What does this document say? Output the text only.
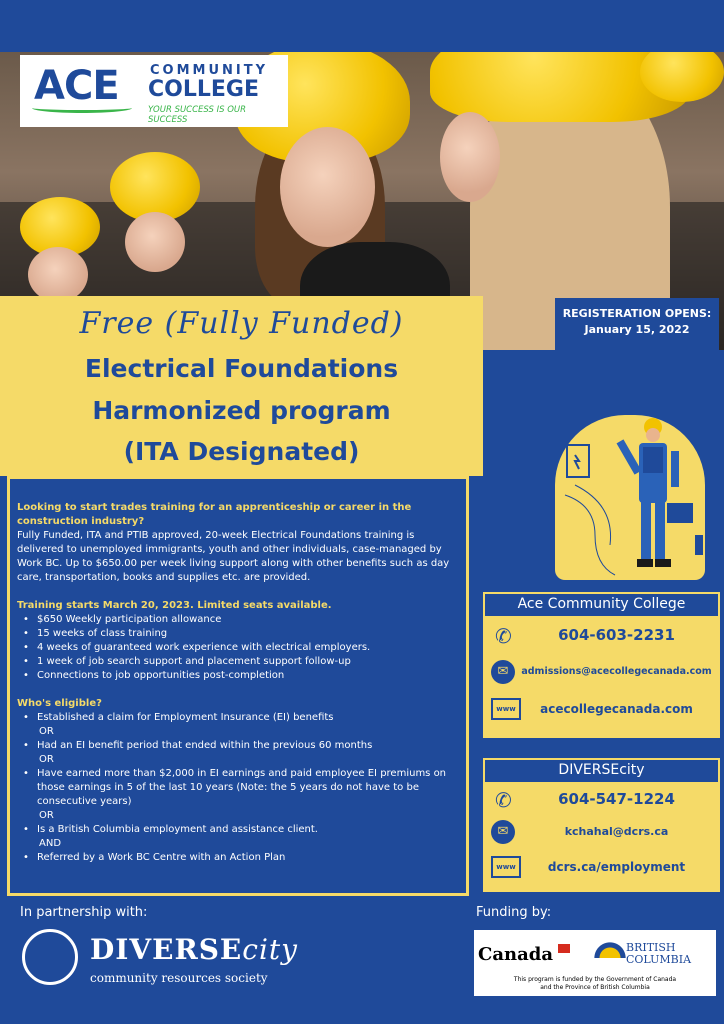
ACE COMMUNITY
COLLEGE
YOUR SUCCESS IS OUR SUCCESS
Free (Fully Funded)
Electrical Foundations
Harmonized program
(ITA Designated)
REGISTERATION OPENS:
January 15, 2022
Looking to start trades training for an apprenticeship or career in the construction industry?
Fully Funded, ITA and PTIB approved, 20-week Electrical Foundations training is delivered to unemployed immigrants, youth and other individuals, case-managed by Work BC. Up to $650.00 per week living support along with other benefits such as day care, transportation, books and supplies etc. are provided.
Training starts March 20, 2023. Limited seats available.
• $650 Weekly participation allowance
• 15 weeks of class training
• 4 weeks of guaranteed work experience with electrical employers.
• 1 week of job search support and placement support follow-up
• Connections to job opportunities post-completion
Who's eligible?
• Established a claim for Employment Insurance (EI) benefits
OR
• Had an EI benefit period that ended within the previous 60 months
OR
• Have earned more than $2,000 in EI earnings and paid employee EI premiums on those earnings in 5 of the last 10 years (Note: the 5 years do not have to be consecutive years)
OR
• Is a British Columbia employment and assistance client.
AND
• Referred by a Work BC Centre with an Action Plan
Ace Community College
✆	604-603-2231
✉	admissions@acecollegecanada.com
www	acecollegecanada.com
DIVERSEcity
✆	604-547-1224
✉	kchahal@dcrs.ca
www	dcrs.ca/employment
In partnership with:	Funding by:
DIVERSEcity
community resources society
Canada	BRITISH
COLUMBIA
This program is funded by the Government of Canada
and the Province of British Columbia
